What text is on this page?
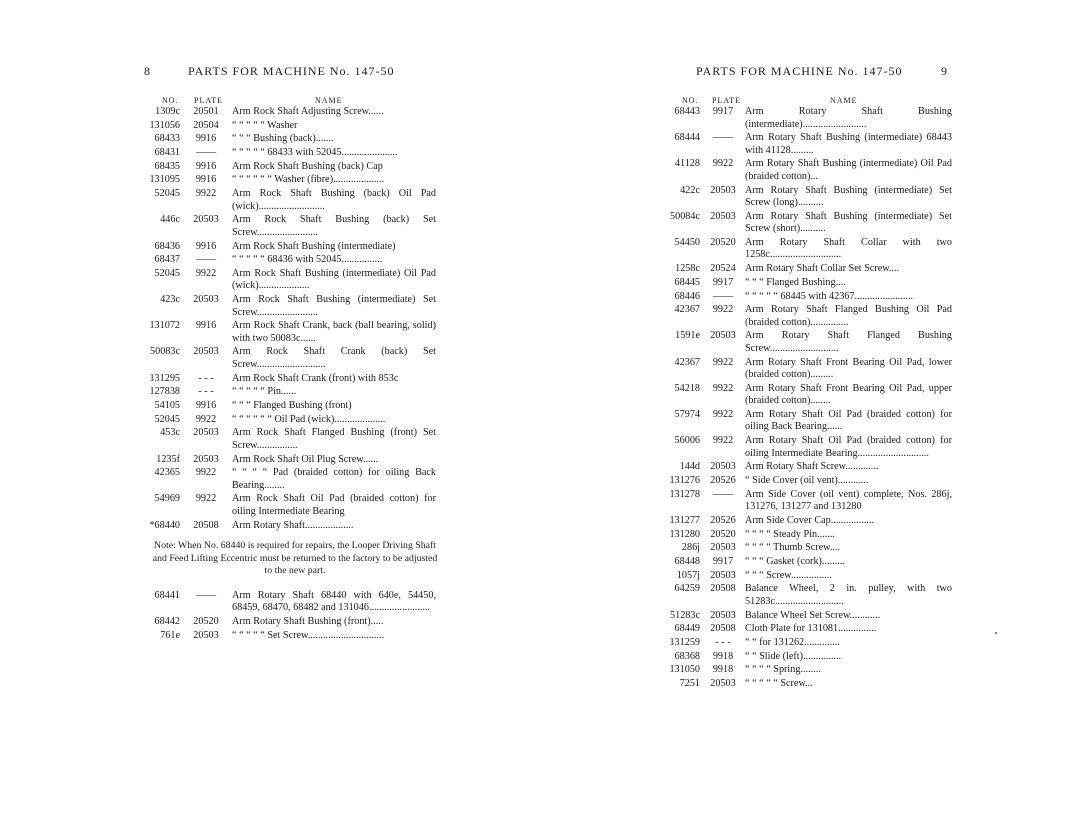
8	PARTS FOR MACHINE No. 147-50
NO. PLATE	NAME
1309c	20501	Arm Rock Shaft Adjusting Screw......
131056	20504	“ “ “ “ “ Washer
68433	9916	“ “ “ Bushing (back).......
68431	——	“ “ “ “ “ 68433 with 52045......................
68435	9916	Arm Rock Shaft Bushing (back) Cap
131095	9916	“ “ “ “ “ “ Washer (fibre)....................
52045	9922	Arm Rock Shaft Bushing (back) Oil Pad (wick)..........................
446c	20503	Arm Rock Shaft Bushing (back) Set Screw........................
68436	9916	Arm Rock Shaft Bushing (intermediate)
68437	——	“ “ “ “ “ 68436 with 52045................
52045	9922	Arm Rock Shaft Bushing (intermediate) Oil Pad (wick)....................
423c	20503	Arm Rock Shaft Bushing (intermediate) Set Screw........................
131072	9916	Arm Rock Shaft Crank, back (ball bearing, solid) with two 50083c......
50083c	20503	Arm Rock Shaft Crank (back) Set Screw...........................
131295	- - -	Arm Rock Shaft Crank (front) with 853c
127838	- - -	“ “ “ “ “ Pin......
54105	9916	“ “ “ Flanged Bushing (front)
52045	9922	“ “ “ “ “ “ Oil Pad (wick)....................
453c	20503	Arm Rock Shaft Flanged Bushing (front) Set Screw................
1235f	20503	Arm Rock Shaft Oil Plug Screw......
42365	9922	“ “ “ “ Pad (braided cotton) for oiling Back Bearing........
54969	9922	Arm Rock Shaft Oil Pad (braided cotton) for oiling Intermediate Bearing
*68440	20508	Arm Rotary Shaft...................
Note: When No. 68440 is required for repairs, the Looper Driving Shaft and Feed Lifting Eccentric must be returned to the factory to be adjusted to the new part.
68441	——	Arm Rotary Shaft 68440 with 640e, 54450, 68459, 68470, 68482 and 131046........................
68442	20520	Arm Rotary Shaft Bushing (front).....
761e	20503	“ “ “ “ “ Set Screw..............................
PARTS FOR MACHINE No. 147-50	9
NO. PLATE	NAME
68443	9917	Arm Rotary Shaft Bushing (intermediate).........................
68444	——	Arm Rotary Shaft Bushing (intermediate) 68443 with 41128.........
41128	9922	Arm Rotary Shaft Bushing (intermediate) Oil Pad (braided cotton)...
422c	20503 Arm Rotary Shaft Bushing (intermediate) Set Screw (long)..........
50084c	20503 Arm Rotary Shaft Bushing (intermediate) Set Screw (short)..........
54450	20520 Arm Rotary Shaft Collar with two 1258c............................
1258c	20524 Arm Rotary Shaft Collar Set Screw....
68445	9917	“ “ “ Flanged Bushing....
68446	——	“ “ “ “ “ 68445 with 42367.......................
42367	9922	Arm Rotary Shaft Flanged Bushing Oil Pad (braided cotton)...............
1591e	20503 Arm Rotary Shaft Flanged Bushing Screw...........................
42367	9922	Arm Rotary Shaft Front Bearing Oil Pad, lower (braided cotton).........
54218	9922	Arm Rotary Shaft Front Bearing Oil Pad, upper (braided cotton)........
57974	9922	Arm Rotary Shaft Oil Pad (braided cotton) for oiling Back Bearing......
56006	9922	Arm Rotary Shaft Oil Pad (braided cotton) for oiling Intermediate Bearing............................
144d	20503 Arm Rotary Shaft Screw.............
131276	20526 “ Side Cover (oil vent)............
131278	——	Arm Side Cover (oil vent) complete, Nos. 286j, 131276, 131277 and 131280
131277	20526 Arm Side Cover Cap.................
131280	20520 “ “ “ “ Steady Pin.......
286j	20503 “ “ “ “ Thumb Screw....
68448	9917	“ “ “ Gasket (cork).........
1057j	20503 “ “ “ Screw................
64259	20508 Balance Wheel, 2 in. pulley, with two 51283c...........................
51283c	20503 Balance Wheel Set Screw............
68449	20508 Cloth Plate for 131081...............
131259	- - -	“ “ for 131262..............
68368	9918	“ “ Slide (left)...............
131050	9918	“ “ “ “ Spring........
7251	20503 “ “ “ “ “ Screw...
